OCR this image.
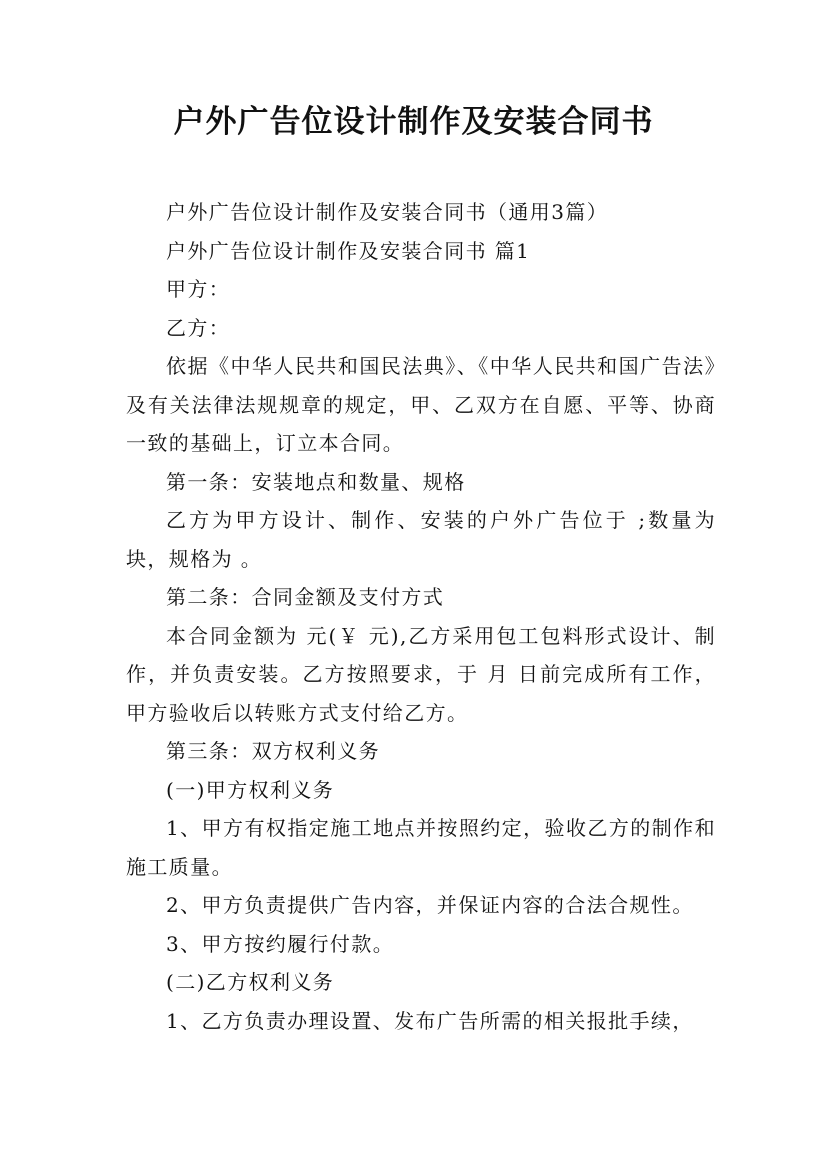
户外广告位设计制作及安装合同书

户外广告位设计制作及安装合同书（通用3篇）

户外广告位设计制作及安装合同书 篇1

甲方：

乙方：

依据《中华人民共和国民法典》、《中华人民共和国广告法》及有关法律法规规章的规定，甲、乙双方在自愿、平等、协商一致的基础上，订立本合同。

第一条：安装地点和数量、规格

乙方为甲方设计、制作、安装的户外广告位于 ;数量为 块，规格为 。

第二条：合同金额及支付方式

本合同金额为 元(￥ 元),乙方采用包工包料形式设计、制作，并负责安装。乙方按照要求，于 月 日前完成所有工作，甲方验收后以转账方式支付给乙方。

第三条：双方权利义务

(一)甲方权利义务

1、甲方有权指定施工地点并按照约定，验收乙方的制作和施工质量。

2、甲方负责提供广告内容，并保证内容的合法合规性。

3、甲方按约履行付款。

(二)乙方权利义务

1、乙方负责办理设置、发布广告所需的相关报批手续，
